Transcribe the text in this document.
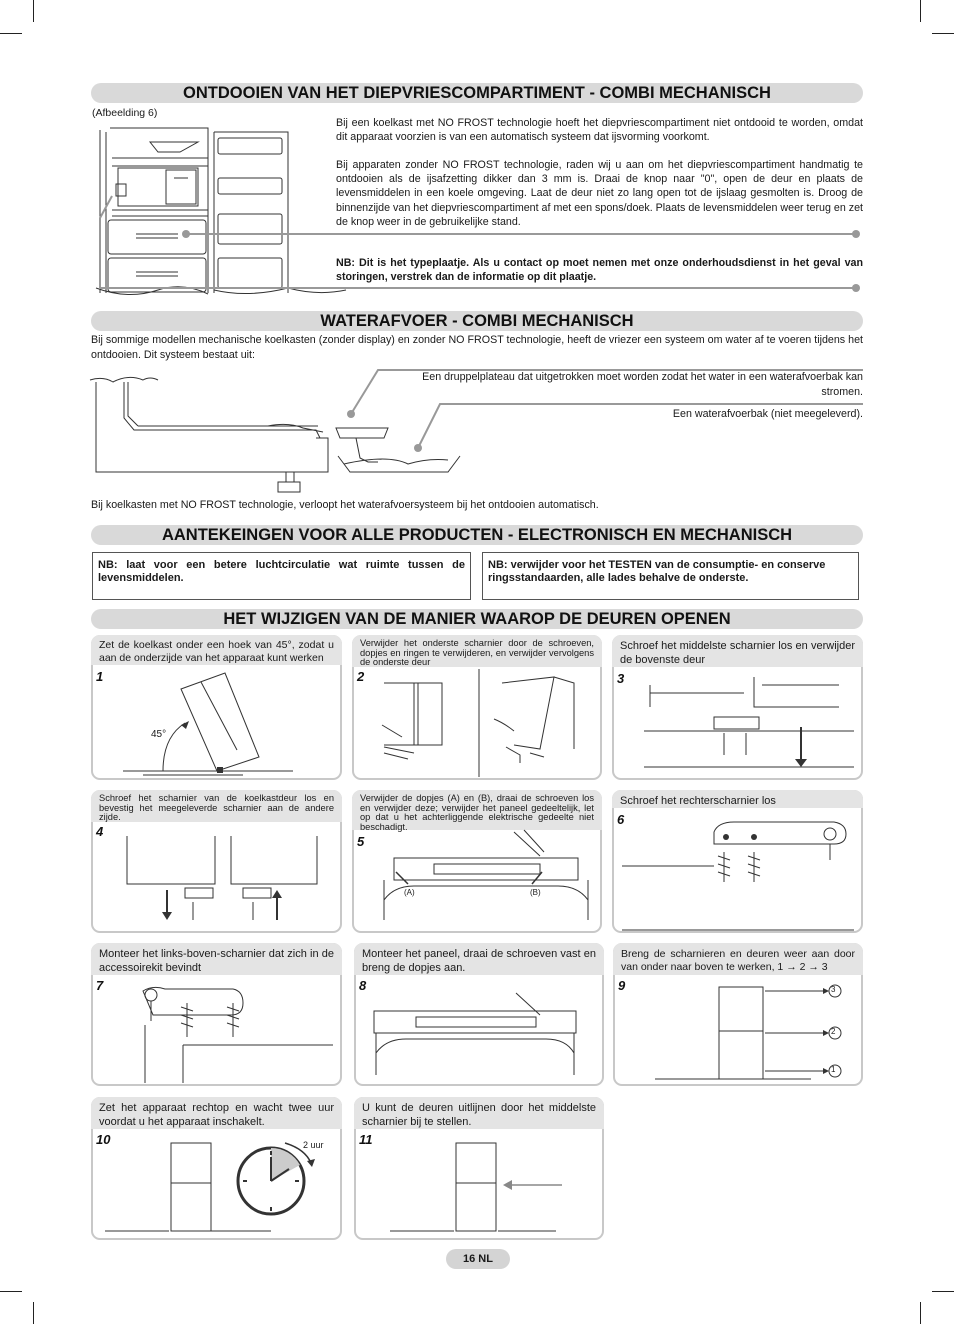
ONTDOOIEN VAN HET DIEPVRIESCOMPARTIMENT - COMBI MECHANISCH
(Afbeelding 6)
Bij een koelkast met NO FROST technologie hoeft het diepvriescompartiment niet ontdooid te worden, omdat dit apparaat voorzien is van een automatisch systeem dat ijsvorming voorkomt.
Bij apparaten zonder NO FROST technologie, raden wij u aan om het diepvriescompartiment handmatig te ontdooien als de ijsafzetting dikker dan 3 mm is. Draai de knop naar "0", open de deur en plaats de levensmiddelen in een koele omgeving. Laat de deur niet zo lang open tot de ijslaag gesmolten is. Droog de binnenzijde van het diepvriescompartiment af met een spons/doek. Plaats de levensmiddelen weer terug en zet de knop weer in de gebruikelijke stand.
NB: Dit is het typeplaatje. Als u contact op moet nemen met onze onderhoudsdienst in het geval van storingen, verstrek dan de informatie op dit plaatje.
WATERAFVOER - COMBI MECHANISCH
Bij sommige modellen mechanische koelkasten (zonder display) en zonder NO FROST technologie, heeft de vriezer een systeem om water af te voeren tijdens het ontdooien. Dit systeem bestaat uit:
Een druppelplateau dat uitgetrokken moet worden zodat het water in een waterafvoerbak kan stromen.
Een waterafvoerbak (niet meegeleverd).
Bij koelkasten met NO FROST technologie, verloopt het waterafvoersysteem bij het ontdooien automatisch.
AANTEKEINGEN VOOR ALLE PRODUCTEN - ELECTRONISCH EN MECHANISCH
NB: laat voor een betere luchtcirculatie wat ruimte tussen de levensmiddelen.
NB: verwijder voor het TESTEN van de consumptie- en conserve ringsstandaarden, alle lades behalve de onderste.
HET WIJZIGEN VAN DE MANIER WAAROP DE DEUREN OPENEN
Zet de koelkast onder een hoek van 45°, zodat u aan de onderzijde van het apparaat kunt werken
1
45°
Verwijder het onderste scharnier door de schroeven, dopjes en ringen te verwijderen, en verwijder vervolgens de onderste deur
2
Schroef het middelste scharnier los en verwijder de bovenste deur
3
Schroef het scharnier van de koelkastdeur los en bevestig het meegeleverde scharnier aan de andere zijde.
4
Verwijder de dopjes (A) en (B), draai de schroeven los en verwijder deze; verwijder het paneel gedeeltelijk, let op dat u het achterliggende elektrische gedeelte niet beschadigt.
5
(A)	(B)
Schroef het rechterscharnier los
6
Monteer het links-boven-scharnier dat zich in de accessoirekit bevindt
7
Monteer het paneel, draai de schroeven vast en breng de dopjes aan.
8
Breng de scharnieren en deuren weer aan door van onder naar boven te werken, 1 → 2 → 3
9	3
2
1
Zet het apparaat rechtop en wacht twee uur voordat u het apparaat inschakelt.
10	2 uur
U kunt de deuren uitlijnen door het middelste scharnier bij te stellen.
11
16 NL
